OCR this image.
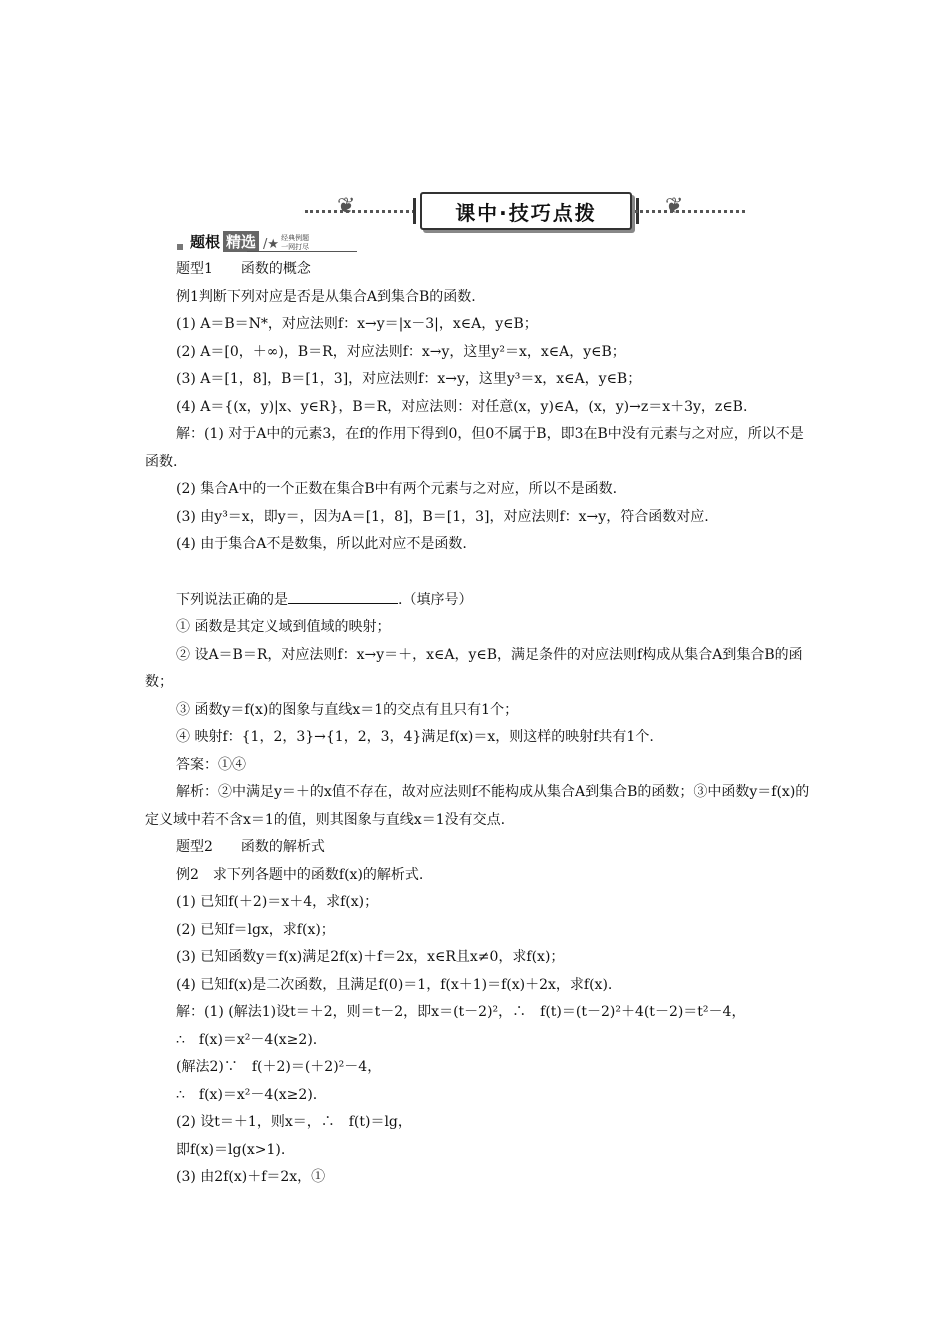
❦	课中·技巧点拨	❦
题根 精选 /★ 经典例题
一网打尽
题型1　　函数的概念
例1判断下列对应是否是从集合A到集合B的函数.
(1) A＝B＝N*，对应法则f：x→y＝|x－3|，x∈A，y∈B；
(2) A＝[0，＋∞)，B＝R，对应法则f：x→y，这里y²＝x，x∈A，y∈B；
(3) A＝[1，8]，B＝[1，3]，对应法则f：x→y，这里y³＝x，x∈A，y∈B；
(4) A＝{(x，y)|x、y∈R}，B＝R，对应法则：对任意(x，y)∈A，(x，y)→z＝x＋3y，z∈B.
解：(1) 对于A中的元素3，在f的作用下得到0，但0不属于B，即3在B中没有元素与之对应，所以不是函数.
(2) 集合A中的一个正数在集合B中有两个元素与之对应，所以不是函数.
(3) 由y³＝x，即y＝，因为A＝[1，8]，B＝[1，3]，对应法则f：x→y，符合函数对应.
(4) 由于集合A不是数集，所以此对应不是函数.
下列说法正确的是	.（填序号）
① 函数是其定义域到值域的映射；
② 设A＝B＝R，对应法则f：x→y＝＋，x∈A，y∈B，满足条件的对应法则f构成从集合A到集合B的函数；
③ 函数y＝f(x)的图象与直线x＝1的交点有且只有1个；
④ 映射f：{1，2，3}→{1，2，3，4}满足f(x)＝x，则这样的映射f共有1个.
答案：①④
解析：②中满足y＝＋的x值不存在，故对应法则f不能构成从集合A到集合B的函数；③中函数y＝f(x)的定义域中若不含x＝1的值，则其图象与直线x＝1没有交点.
题型2　　函数的解析式
例2　求下列各题中的函数f(x)的解析式.
(1) 已知f(＋2)＝x＋4，求f(x)；
(2) 已知f＝lgx，求f(x)；
(3) 已知函数y＝f(x)满足2f(x)＋f＝2x，x∈R且x≠0，求f(x)；
(4) 已知f(x)是二次函数，且满足f(0)＝1，f(x＋1)＝f(x)＋2x，求f(x).
解：(1) (解法1)设t＝＋2，则＝t－2，即x＝(t－2)²，∴　f(t)＝(t－2)²＋4(t－2)＝t²－4，
∴　f(x)＝x²－4(x≥2).
(解法2)∵　f(＋2)＝(＋2)²－4，
∴　f(x)＝x²－4(x≥2).
(2) 设t＝＋1，则x＝，∴　f(t)＝lg，
即f(x)＝lg(x>1).
(3) 由2f(x)＋f＝2x，①
